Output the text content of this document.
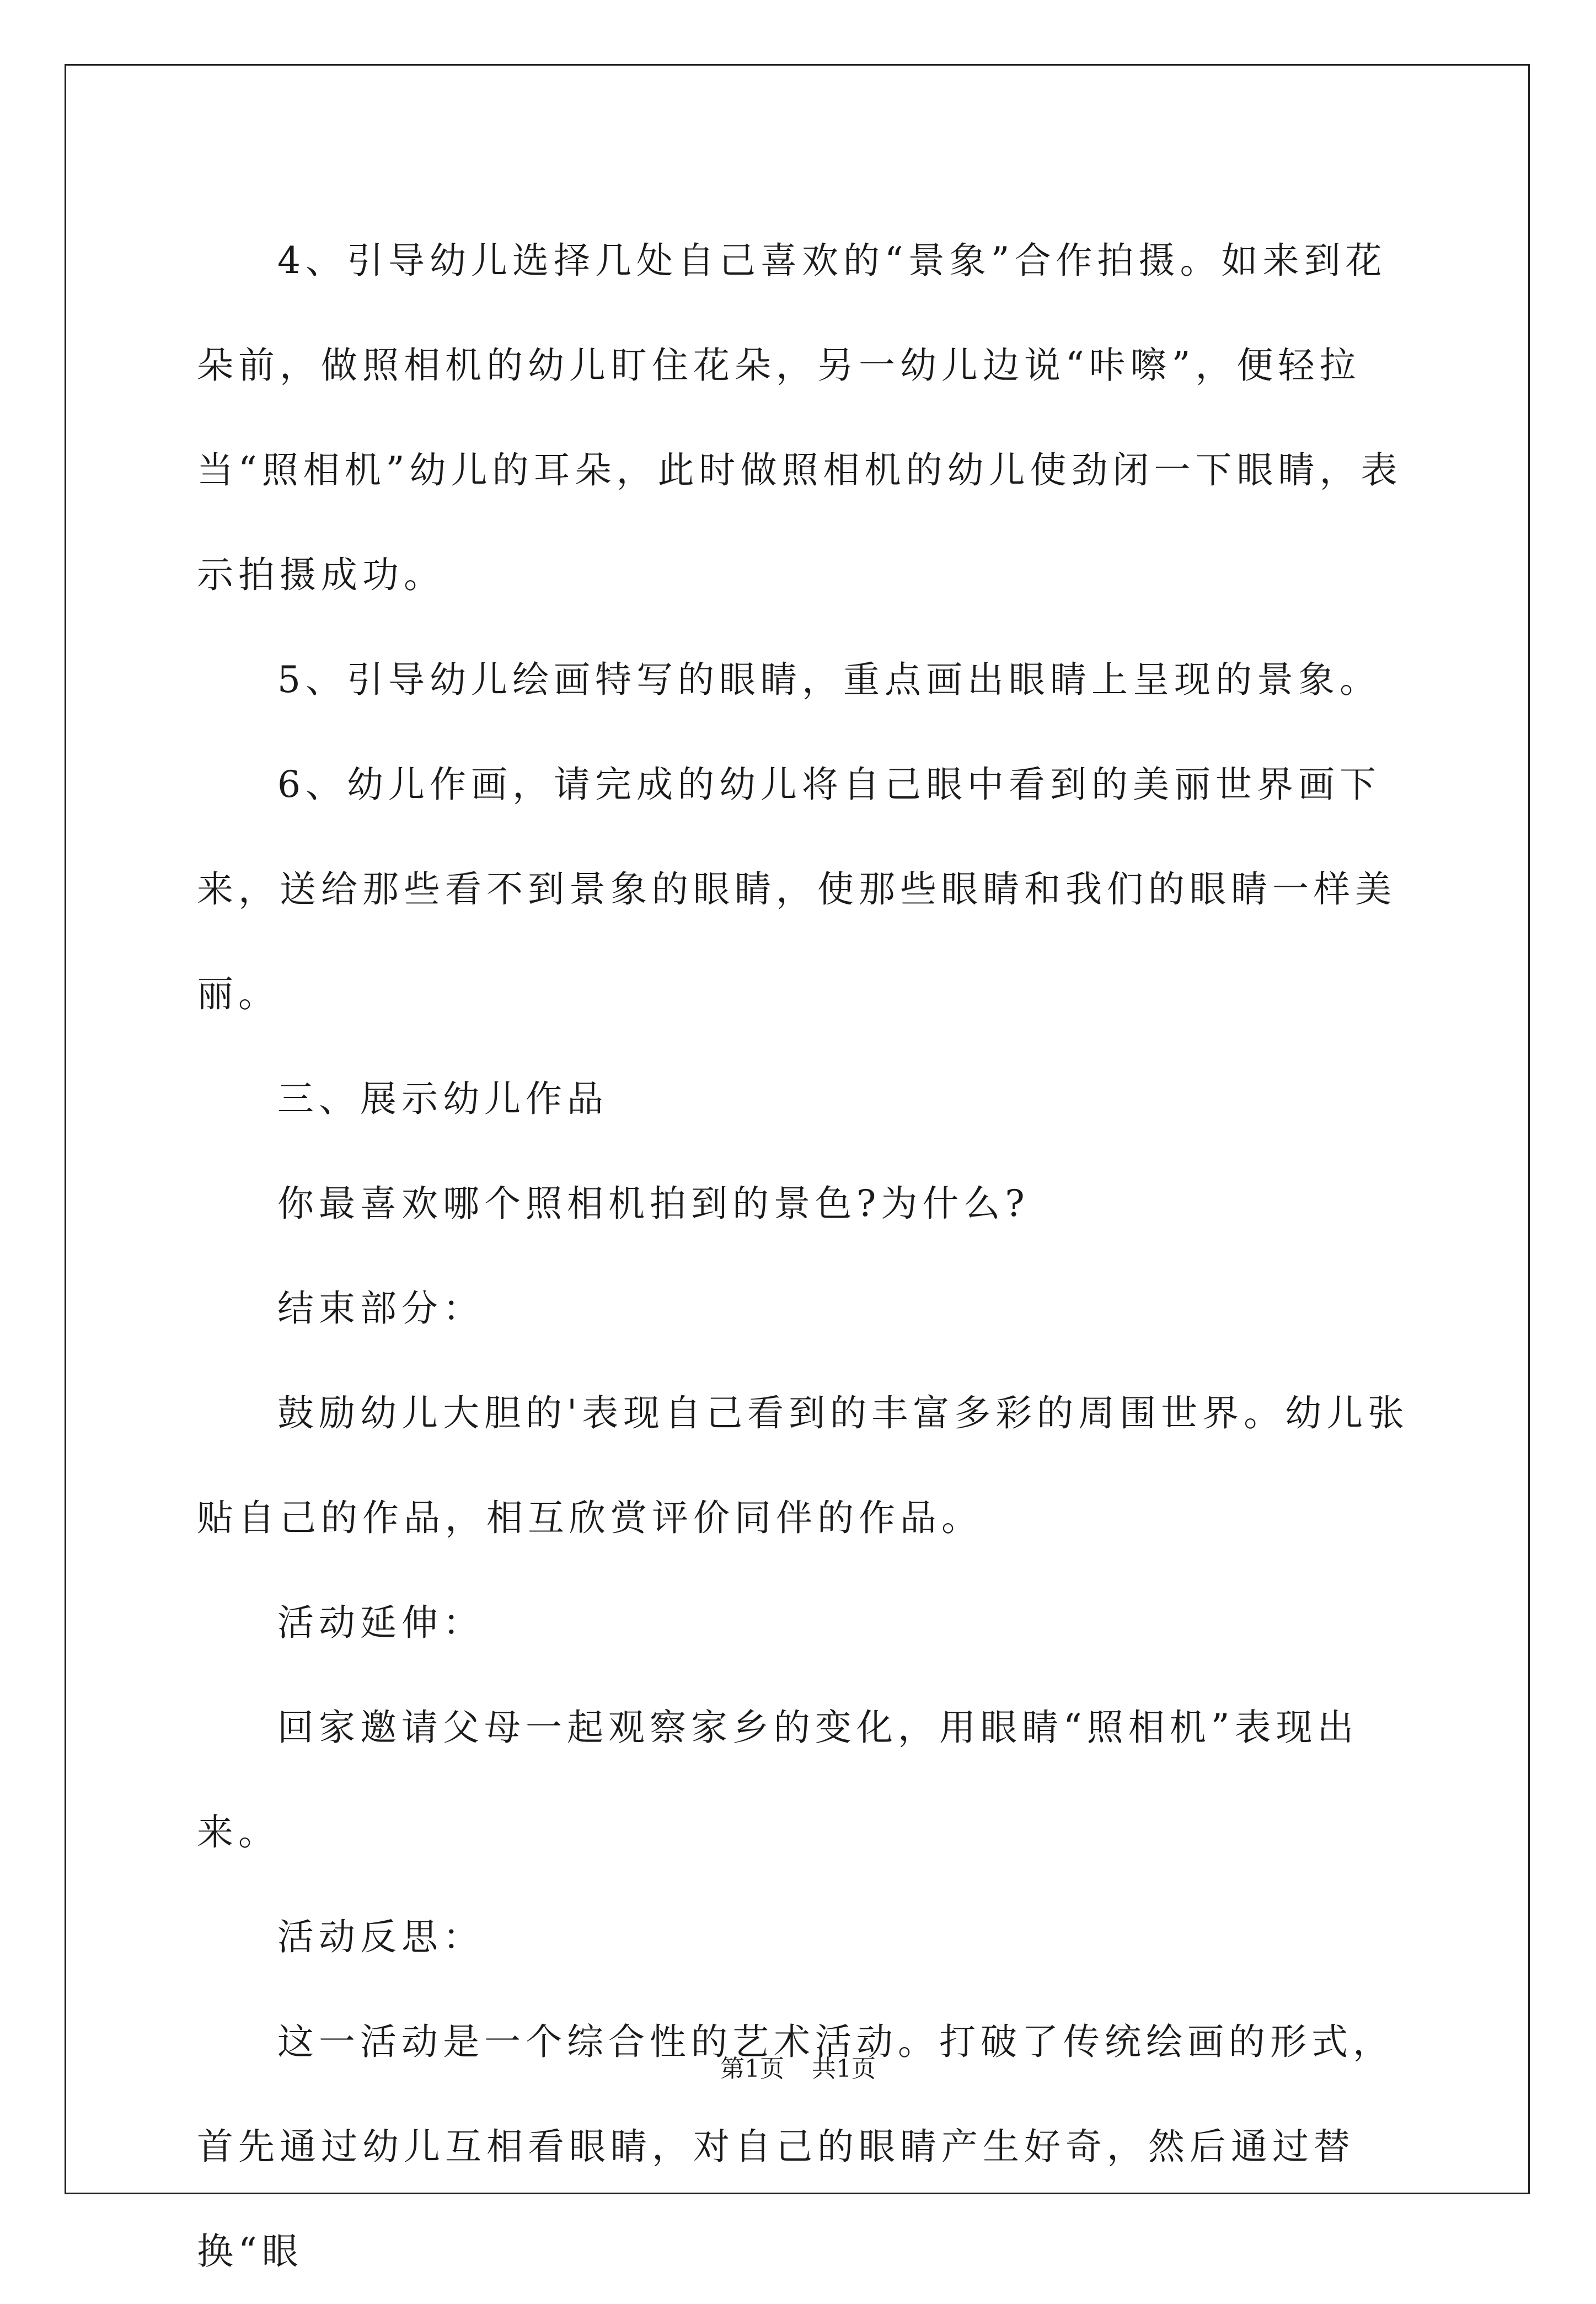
4、引导幼儿选择几处自己喜欢的“景象”合作拍摄。如来到花朵前，做照相机的幼儿盯住花朵，另一幼儿边说“咔嚓”，便轻拉当“照相机”幼儿的耳朵，此时做照相机的幼儿使劲闭一下眼睛，表示拍摄成功。

5、引导幼儿绘画特写的眼睛，重点画出眼睛上呈现的景象。

6、幼儿作画，请完成的幼儿将自己眼中看到的美丽世界画下来，送给那些看不到景象的眼睛，使那些眼睛和我们的眼睛一样美丽。

三、展示幼儿作品

你最喜欢哪个照相机拍到的景色?为什么?

结束部分：

鼓励幼儿大胆的'表现自己看到的丰富多彩的周围世界。幼儿张贴自己的作品，相互欣赏评价同伴的作品。

活动延伸：

回家邀请父母一起观察家乡的变化，用眼睛“照相机”表现出来。

活动反思：

这一活动是一个综合性的艺术活动。打破了传统绘画的形式，首先通过幼儿互相看眼睛，对自己的眼睛产生好奇，然后通过替换“眼

第1页 共1页
